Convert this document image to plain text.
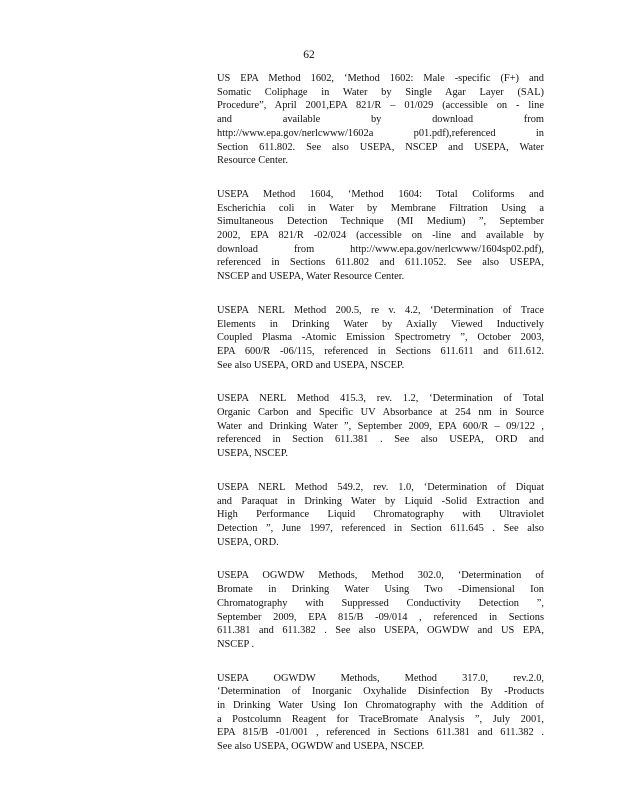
62
US EPA Method 1602, ‘Method 1602: Male -specific (F+) and
Somatic Coliphage in Water by Single Agar Layer (SAL)
Procedure”, April 2001,EPA 821/R – 01/029 (accessible on - line
and available by download from
http://www.epa.gov/nerlcwww/1602a p01.pdf),referenced in
Section 611.802. See also USEPA, NSCEP and USEPA, Water
Resource Center.
USEPA Method 1604, ‘Method 1604: Total Coliforms and
Escherichia coli in Water by Membrane Filtration Using a
Simultaneous Detection Technique (MI Medium) ”, September
2002, EPA 821/R -02/024 (accessible on -line and available by
download from http://www.epa.gov/nerlcwww/1604sp02.pdf),
referenced in Sections 611.802 and 611.1052. See also USEPA,
NSCEP and USEPA, Water Resource Center.
USEPA NERL Method 200.5, re v. 4.2, ‘Determination of Trace
Elements in Drinking Water by Axially Viewed Inductively
Coupled Plasma -Atomic Emission Spectrometry ”, October 2003,
EPA 600/R -06/115, referenced in Sections 611.611 and 611.612.
See also USEPA, ORD and USEPA, NSCEP.
USEPA NERL Method 415.3, rev. 1.2, ‘Determination of Total
Organic Carbon and Specific UV Absorbance at 254 nm in Source
Water and Drinking Water ”, September 2009, EPA 600/R – 09/122 ,
referenced in Section 611.381 . See also USEPA, ORD and
USEPA, NSCEP.
USEPA NERL Method 549.2, rev. 1.0, ‘Determination of Diquat
and Paraquat in Drinking Water by Liquid -Solid Extraction and
High Performance Liquid Chromatography with Ultraviolet
Detection ”, June 1997, referenced in Section 611.645 . See also
USEPA, ORD.
USEPA OGWDW Methods, Method 302.0, ‘Determination of
Bromate in Drinking Water Using Two -Dimensional Ion
Chromatography with Suppressed Conductivity Detection ”,
September 2009, EPA 815/B -09/014 , referenced in Sections
611.381 and 611.382 . See also USEPA, OGWDW and US EPA,
NSCEP .
USEPA OGWDW Methods, Method 317.0, rev.2.0,
‘Determination of Inorganic Oxyhalide Disinfection By -Products
in Drinking Water Using Ion Chromatography with the Addition of
a Postcolumn Reagent for TraceBromate Analysis ”, July 2001,
EPA 815/B -01/001 , referenced in Sections 611.381 and 611.382 .
See also USEPA, OGWDW and USEPA, NSCEP.
